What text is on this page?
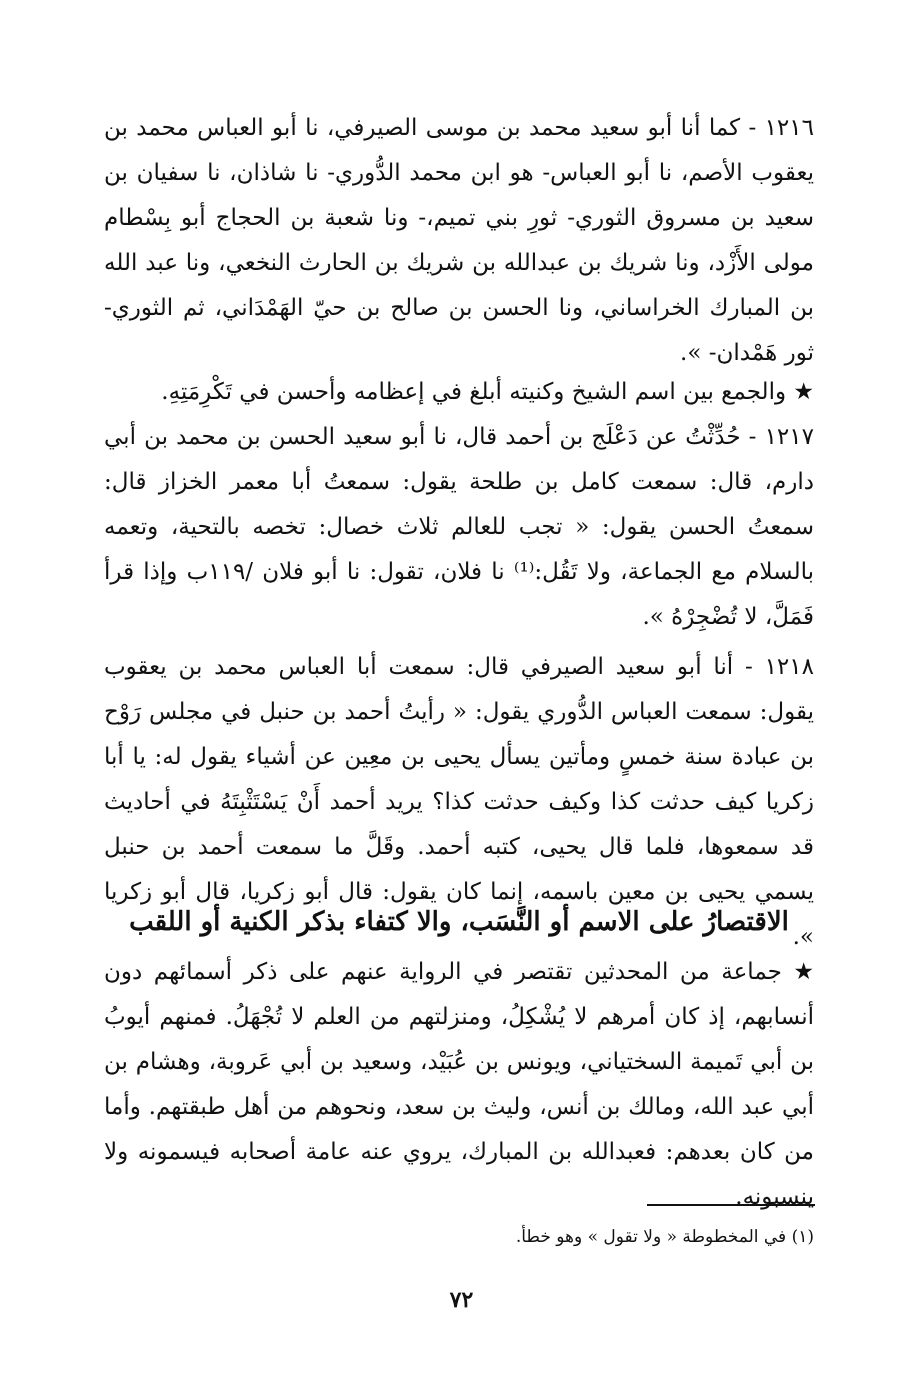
١٢١٦ - كما أنا أبو سعيد محمد بن موسى الصيرفي، نا أبو العباس محمد بن يعقوب الأصم، نا أبو العباس- هو ابن محمد الدُّوري- نا شاذان، نا سفيان بن سعيد بن مسروق الثوري- ثورِ بني تميم،- ونا شعبة بن الحجاج أبو بِسْطام مولى الأَزْد، ونا شريك بن عبدالله بن شريك بن الحارث النخعي، ونا عبد الله بن المبارك الخراساني، ونا الحسن بن صالح بن حيّ الهَمْدَاني، ثم الثوري- ثور هَمْدان- ».

★ والجمع بين اسم الشيخ وكنيته أبلغ في إعظامه وأحسن في تَكْرِمَتِهِ.

١٢١٧ - حُدِّثْتُ عن دَعْلَج بن أحمد قال، نا أبو سعيد الحسن بن محمد بن أبي دارم، قال: سمعت كامل بن طلحة يقول: سمعتُ أبا معمر الخزاز قال: سمعتُ الحسن يقول: « تجب للعالم ثلاث خصال: تخصه بالتحية، وتعمه بالسلام مع الجماعة، ولا تَقُل:⁽¹⁾ نا فلان، تقول: نا أبو فلان /١١٩ب وإذا قرأ فَمَلَّ، لا تُضْجِرْهُ ».

١٢١٨ - أنا أبو سعيد الصيرفي قال: سمعت أبا العباس محمد بن يعقوب يقول: سمعت العباس الدُّوري يقول: « رأيتُ أحمد بن حنبل في مجلس رَوْح بن عبادة سنة خمسٍ ومأتين يسأل يحيى بن معِين عن أشياء يقول له: يا أبا زكريا كيف حدثت كذا وكيف حدثت كذا؟ يريد أحمد أَنْ يَسْتَثْبِتَهُ في أحاديث قد سمعوها، فلما قال يحيى، كتبه أحمد. وقَلَّ ما سمعت أحمد بن حنبل يسمي يحيى بن معين باسمه، إنما كان يقول: قال أبو زكريا، قال أبو زكريا ».

الاقتصارُ على الاسم أو النَّسَب، والا كتفاء بذكر الكنية أو اللقب

★ جماعة من المحدثين تقتصر في الرواية عنهم على ذكر أسمائهم دون أنسابهم، إذ كان أمرهم لا يُشْكِلُ، ومنزلتهم من العلم لا تُجْهَلُ. فمنهم أيوبُ بن أبي تَميمة السختياني، ويونس بن عُبَيْد، وسعيد بن أبي عَروبة، وهشام بن أبي عبد الله، ومالك بن أنس، وليث بن سعد، ونحوهم من أهل طبقتهم. وأما من كان بعدهم: فعبدالله بن المبارك، يروي عنه عامة أصحابه فيسمونه ولا ينسبونه.

(١) في المخطوطة « ولا تقول » وهو خطأ.

٧٢
